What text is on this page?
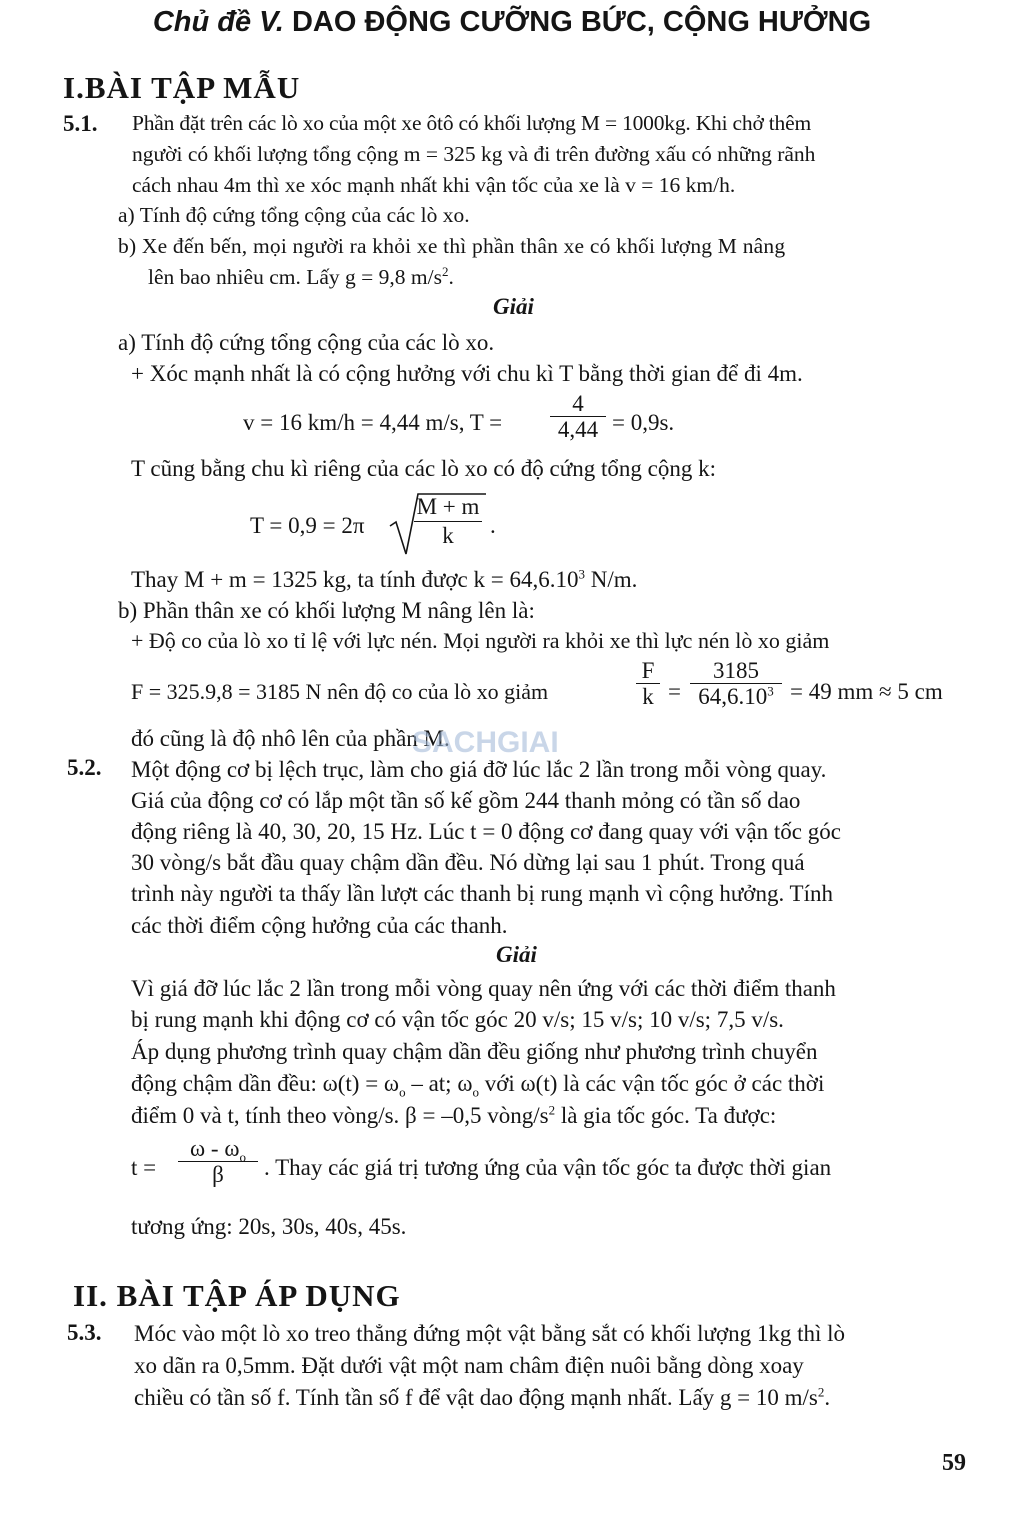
Chủ đề V. DAO ĐỘNG CƯỠNG BỨC, CỘNG HƯỞNG
I.BÀI TẬP MẪU
5.1. Phần đặt trên các lò xo của một xe ôtô có khối lượng M = 1000kg. Khi chở thêm
người có khối lượng tổng cộng m = 325 kg và đi trên đường xấu có những rãnh
cách nhau 4m thì xe xóc mạnh nhất khi vận tốc của xe là v = 16 km/h.
a) Tính độ cứng tổng cộng của các lò xo.
b) Xe đến bến, mọi người ra khỏi xe thì phần thân xe có khối lượng M nâng
lên bao nhiêu cm. Lấy g = 9,8 $m/s^2$.
Giải
a) Tính độ cứng tổng cộng của các lò xo.
+ Xóc mạnh nhất là có cộng hưởng với chu kì T bằng thời gian để đi 4m.
v = 16 km/h = 4,44 m/s, T =
4
4,44 = 0,9s.
T cũng bằng chu kì riêng của các lò xo có độ cứng tổng cộng k:
T = 0,9 = 2π
M + m
k	.
Thay M + m = 1325 kg, ta tính được $k = 64,6.10^3$ N/m.
b) Phần thân xe có khối lượng M nâng lên là:
+ Độ co của lò xo tỉ lệ với lực nén. Mọi người ra khỏi xe thì lực nén lò xo giảm
F = 325.9,8 = 3185 N nên độ co của lò xo giảm
F
k =
3185
$64,6.10^3 = 49$ mm ≈ 5 cm
đó cũng là độ nhô lên của phần M.
SACHGIAI
5.2. Một động cơ bị lệch trục, làm cho giá đỡ lúc lắc 2 lần trong mỗi vòng quay.
Giá của động cơ có lắp một tần số kế gồm 244 thanh mỏng có tần số dao
động riêng là 40, 30, 20, 15 Hz. Lúc t = 0 động cơ đang quay với vận tốc góc
30 vòng/s bắt đầu quay chậm dần đều. Nó dừng lại sau 1 phút. Trong quá
trình này người ta thấy lần lượt các thanh bị rung mạnh vì cộng hưởng. Tính
các thời điểm cộng hưởng của các thanh.
Giải
Vì giá đỡ lúc lắc 2 lần trong mỗi vòng quay nên ứng với các thời điểm thanh
bị rung mạnh khi động cơ có vận tốc góc 20 v/s; 15 v/s; 10 v/s; 7,5 v/s.
Áp dụng phương trình quay chậm dần đều giống như phương trình chuyển
động chậm dần đều: $\omega(t) = \omega_o$ – at; $\omega_o$ với ω(t) là các vận tốc góc ở các thời
điểm 0 và t, tính theo vòng/s. β = –0,5 vòng/$s^2$ là gia tốc góc. Ta được:
t =
ω - $\omega_o$
β	. Thay các giá trị tương ứng của vận tốc góc ta được thời gian
tương ứng: 20s, 30s, 40s, 45s.
II. BÀI TẬP ÁP DỤNG
5.3. Móc vào một lò xo treo thẳng đứng một vật bằng sắt có khối lượng 1kg thì lò
xo dãn ra 0,5mm. Đặt dưới vật một nam châm điện nuôi bằng dòng xoay
chiều có tần số f. Tính tần số f để vật dao động mạnh nhất. Lấy g = 10 $m/s^2$.
59
